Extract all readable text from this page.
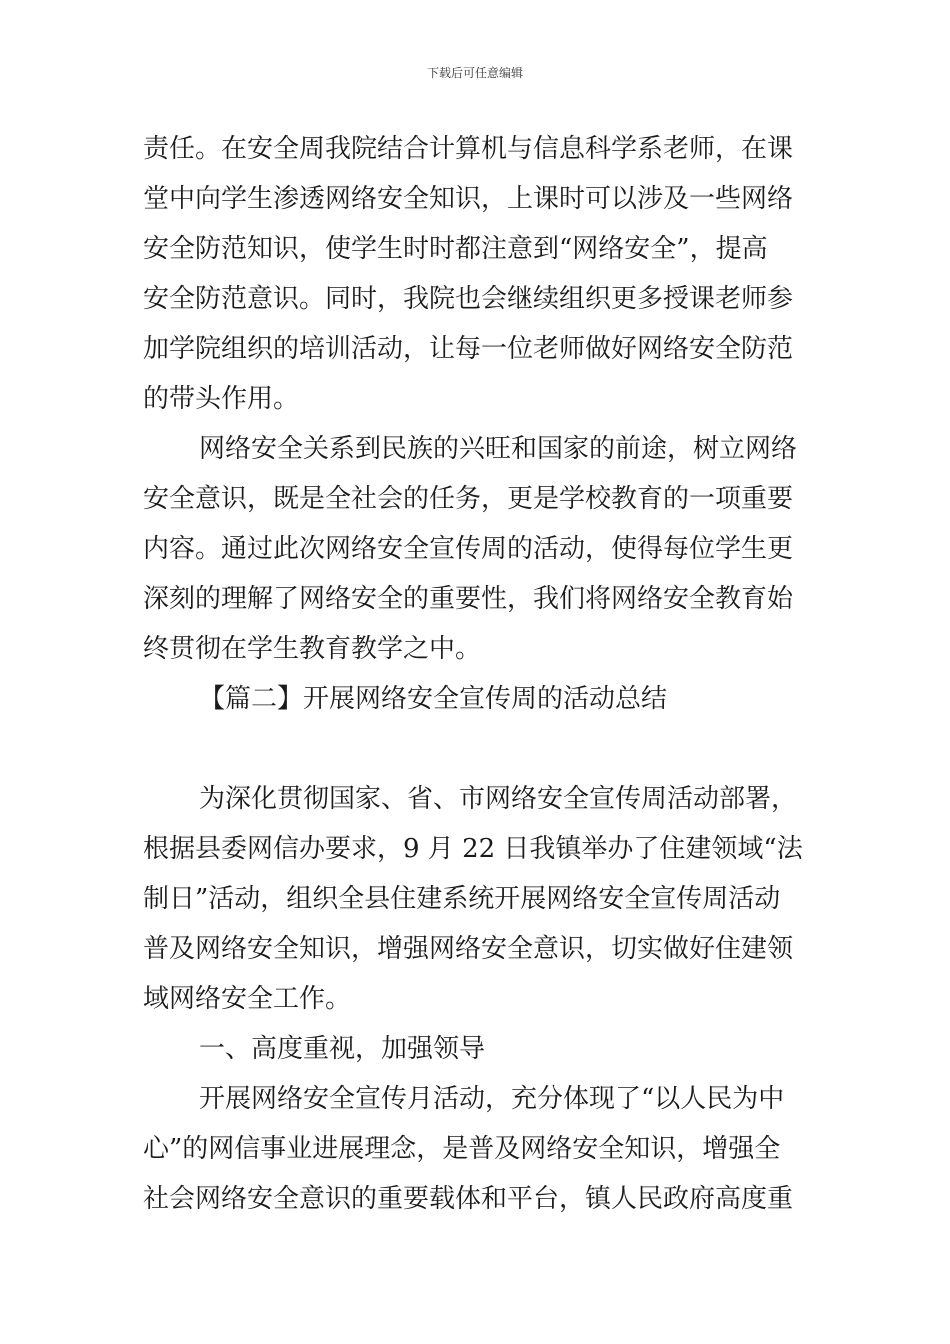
下载后可任意编辑
责任。在安全周我院结合计算机与信息科学系老师，在课
堂中向学生渗透网络安全知识，上课时可以涉及一些网络
安全防范知识，使学生时时都注意到“网络安全”，提高
安全防范意识。同时，我院也会继续组织更多授课老师参
加学院组织的培训活动，让每一位老师做好网络安全防范
的带头作用。
网络安全关系到民族的兴旺和国家的前途，树立网络
安全意识，既是全社会的任务，更是学校教育的一项重要
内容。通过此次网络安全宣传周的活动，使得每位学生更
深刻的理解了网络安全的重要性，我们将网络安全教育始
终贯彻在学生教育教学之中。
【篇二】开展网络安全宣传周的活动总结
为深化贯彻国家、省、市网络安全宣传周活动部署，
根据县委网信办要求，9 月 22 日我镇举办了住建领域“法
制日”活动，组织全县住建系统开展网络安全宣传周活动
普及网络安全知识，增强网络安全意识，切实做好住建领
域网络安全工作。
一、高度重视，加强领导
开展网络安全宣传月活动，充分体现了“以人民为中
心”的网信事业进展理念，是普及网络安全知识，增强全
社会网络安全意识的重要载体和平台，镇人民政府高度重
